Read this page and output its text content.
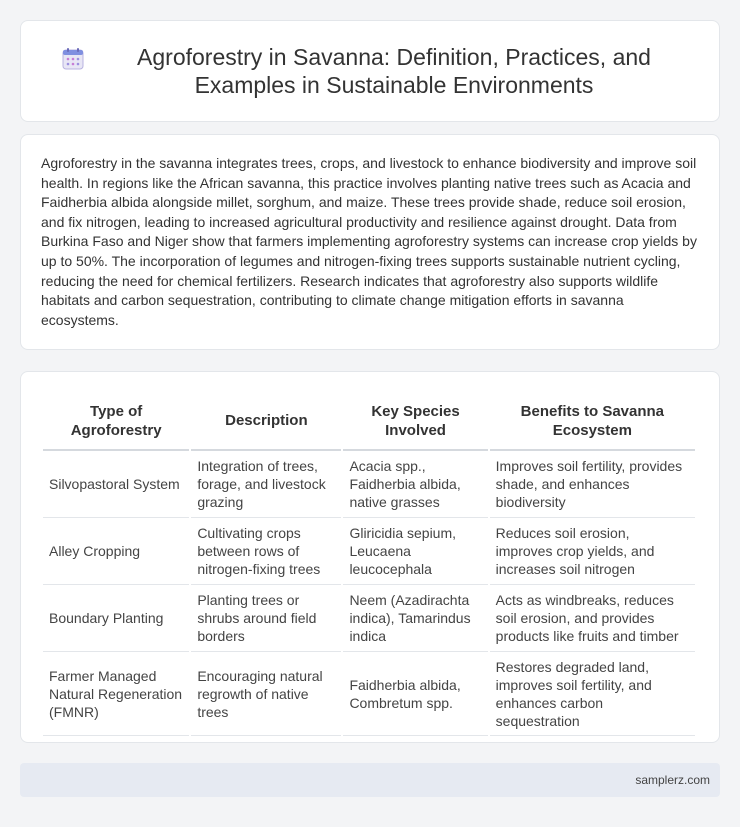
Agroforestry in Savanna: Definition, Practices, and Examples in Sustainable Environments

Agroforestry in the savanna integrates trees, crops, and livestock to enhance biodiversity and improve soil health. In regions like the African savanna, this practice involves planting native trees such as Acacia and Faidherbia albida alongside millet, sorghum, and maize. These trees provide shade, reduce soil erosion, and fix nitrogen, leading to increased agricultural productivity and resilience against drought. Data from Burkina Faso and Niger show that farmers implementing agroforestry systems can increase crop yields by up to 50%. The incorporation of legumes and nitrogen-fixing trees supports sustainable nutrient cycling, reducing the need for chemical fertilizers. Research indicates that agroforestry also supports wildlife habitats and carbon sequestration, contributing to climate change mitigation efforts in savanna ecosystems.

Type of Agroforestry	Description	Key Species Involved	Benefits to Savanna Ecosystem
Silvopastoral System	Integration of trees, forage, and livestock grazing	Acacia spp., Faidherbia albida, native grasses	Improves soil fertility, provides shade, and enhances biodiversity
Alley Cropping	Cultivating crops between rows of nitrogen-fixing trees	Gliricidia sepium, Leucaena leucocephala	Reduces soil erosion, improves crop yields, and increases soil nitrogen
Boundary Planting	Planting trees or shrubs around field borders	Neem (Azadirachta indica), Tamarindus indica	Acts as windbreaks, reduces soil erosion, and provides products like fruits and timber
Farmer Managed Natural Regeneration (FMNR)	Encouraging natural regrowth of native trees	Faidherbia albida, Combretum spp.	Restores degraded land, improves soil fertility, and enhances carbon sequestration
samplerz.com
